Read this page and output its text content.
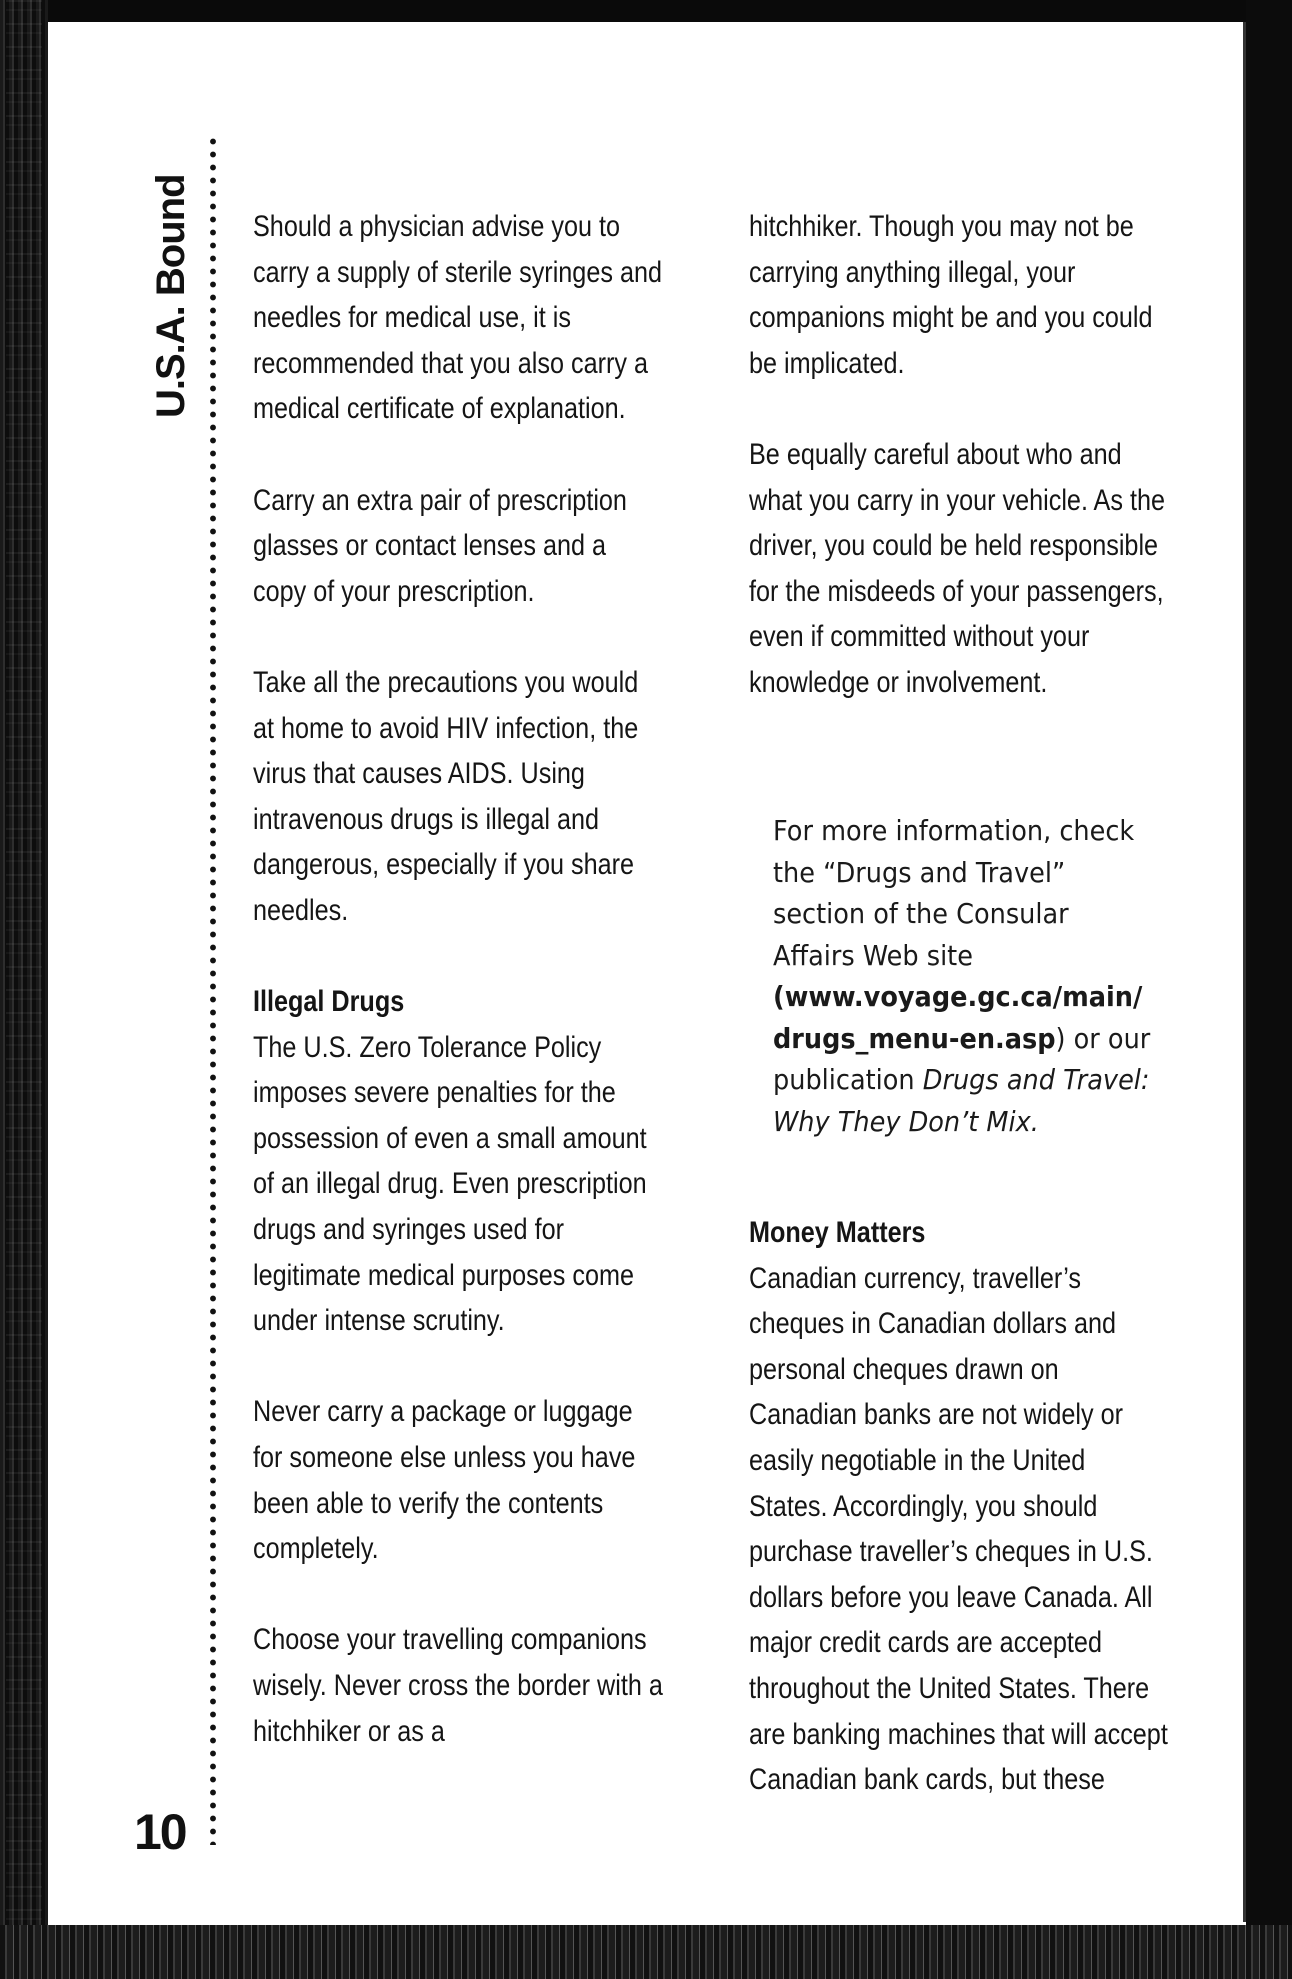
U.S.A. Bound
10

Should a physician advise you to carry a supply of sterile syringes and needles for medical use, it is recommended that you also carry a medical certificate of explanation.

Carry an extra pair of prescription glasses or contact lenses and a copy of your prescription.

Take all the precautions you would at home to avoid HIV infection, the virus that causes AIDS. Using intravenous drugs is illegal and dangerous, especially if you share needles.

Illegal Drugs

The U.S. Zero Tolerance Policy imposes severe penalties for the possession of even a small amount of an illegal drug. Even prescription drugs and syringes used for legitimate medical purposes come under intense scrutiny.

Never carry a package or luggage for someone else unless you have been able to verify the contents completely.

Choose your travelling companions wisely. Never cross the border with a hitchhiker or as a

hitchhiker. Though you may not be carrying anything illegal, your companions might be and you could be implicated.

Be equally careful about who and what you carry in your vehicle. As the driver, you could be held responsible for the misdeeds of your passengers, even if committed without your knowledge or involvement.

For more information, check the “Drugs and Travel” section of the Consular Affairs Web site (www.voyage.gc.ca/main/ drugs_menu-en.asp) or our publication Drugs and Travel: Why They Don’t Mix.
Money Matters

Canadian currency, traveller’s cheques in Canadian dollars and personal cheques drawn on Canadian banks are not widely or easily negotiable in the United States. Accordingly, you should purchase traveller’s cheques in U.S. dollars before you leave Canada. All major credit cards are accepted throughout the United States. There are banking machines that will accept Canadian bank cards, but these
